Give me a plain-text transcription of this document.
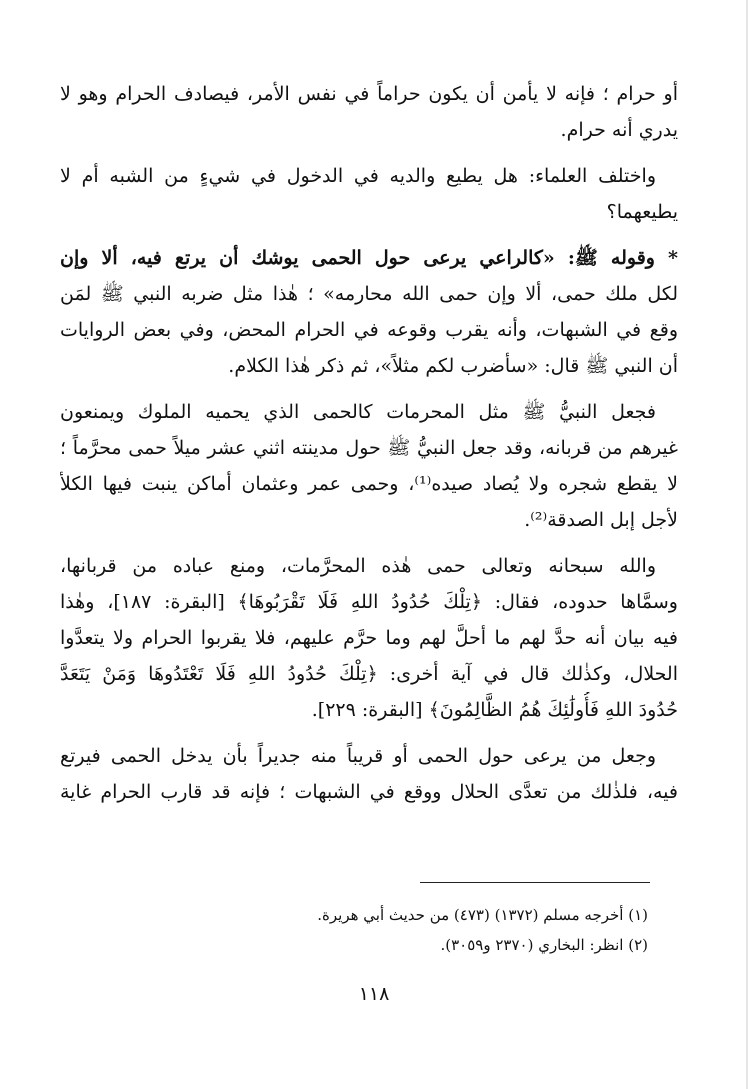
أو حرام ؛ فإنه لا يأمن أن يكون حراماً في نفس الأمر، فيصادف الحرام وهو لا
يدري أنه حرام.
واختلف العلماء: هل يطيع والديه في الدخول في شيءٍ من الشبه أم لا
يطيعهما؟
* وقوله ﷺ: «كالراعي يرعى حول الحمى يوشك أن يرتع فيه، ألا وإن
لكل ملك حمى، ألا وإن حمى الله محارمه» ؛ هٰذا مثل ضربه النبي ﷺ لمَن
وقع في الشبهات، وأنه يقرب وقوعه في الحرام المحض، وفي بعض الروايات
أن النبي ﷺ قال: «سأضرب لكم مثلاً»، ثم ذكر هٰذا الكلام.
فجعل النبيُّ ﷺ مثل المحرمات كالحمى الذي يحميه الملوك ويمنعون
غيرهم من قربانه، وقد جعل النبيُّ ﷺ حول مدينته اثني عشر ميلاً حمى محرَّماً ؛
لا يقطع شجره ولا يُصاد صيده⁽¹⁾، وحمى عمر وعثمان أماكن ينبت فيها الكلأ
لأجل إبل الصدقة⁽²⁾.
والله سبحانه وتعالى حمى هٰذه المحرَّمات، ومنع عباده من قربانها،
وسمَّاها حدوده، فقال: ﴿تِلْكَ حُدُودُ اللهِ فَلَا تَقْرَبُوهَا﴾ [البقرة: ١٨٧]، وهٰذا
فيه بيان أنه حدَّ لهم ما أحلَّ لهم وما حرَّم عليهم، فلا يقربوا الحرام ولا يتعدَّوا
الحلال، وكذٰلك قال في آية أخرى: ﴿تِلْكَ حُدُودُ اللهِ فَلَا تَعْتَدُوهَا وَمَنْ يَتَعَدَّ
حُدُودَ اللهِ فَأُولَٰئِكَ هُمُ الظَّالِمُونَ﴾ [البقرة: ٢٢٩].
وجعل من يرعى حول الحمى أو قريباً منه جديراً بأن يدخل الحمى فيرتع
فيه، فلذٰلك من تعدَّى الحلال ووقع في الشبهات ؛ فإنه قد قارب الحرام غاية
(١) أخرجه مسلم (١٣٧٢) (٤٧٣) من حديث أبي هريرة.
(٢) انظر: البخاري (٢٣٧٠ و٣٠٥٩).
١١٨
